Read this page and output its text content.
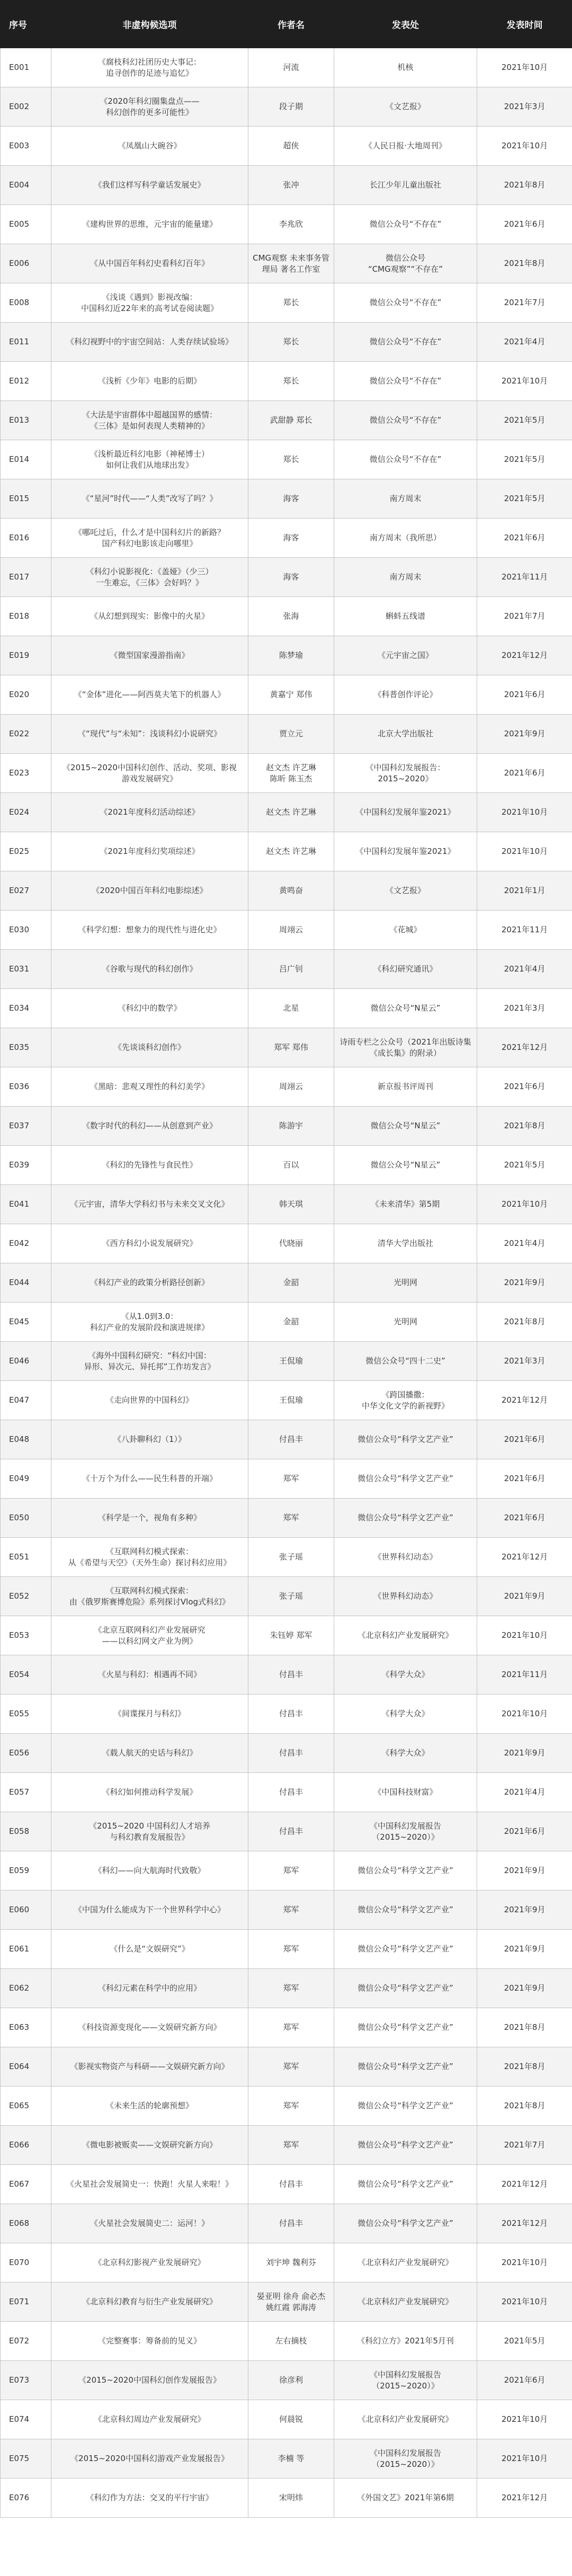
序号	非虚构候选项	作者名	发表处	发表时间
E001	《腐枝科幻社团历史大事记：
追寻创作的足迹与追忆》	河流	机核	2021年10月
E002	《2020年科幻圈集盘点——
科幻创作的更多可能性》	段子期	《文艺报》	2021年3月
E003	《凤凰山大碗谷》	超侠	《人民日报·大地周刊》	2021年10月
E004	《我们这样写科学童话发展史》	张冲	长江少年儿童出版社	2021年8月
E005	《建构世界的思维，元宇宙的能量建》	李兆欣	微信公众号“不存在”	2021年6月
E006	《从中国百年科幻史看科幻百年》	CMG观察 未来事务管理局 著名工作室	微信公众号
“CMG观察”“不存在”	2021年8月
E008	《浅谈《遇到》影视改编：
中国科幻近22年来的高考试卷阅读题》	郑长	微信公众号“不存在”	2021年7月
E011	《科幻视野中的宇宙空间站：人类存续试验场》	郑长	微信公众号“不存在”	2021年4月
E012	《浅析《少年》电影的后期》	郑长	微信公众号“不存在”	2021年10月
E013	《大法是宇宙群体中超越国界的感情：
《三体》是如何表现人类精神的》	武甜静 郑长	微信公众号“不存在”	2021年5月
E014	《浅析最近科幻电影（神秘博士）
如何让我们从地球出发》	郑长	微信公众号“不存在”	2021年5月
E015	《“星河”时代——“人类”改写了吗？》	海客	南方周末	2021年5月
E016	《哪吒过后，什么才是中国科幻片的新路？
国产科幻电影该走向哪里》	海客	南方周末（我所思）	2021年6月
E017	《科幻小说影视化：《盖娅》（少三）
一生难忘，《三体》会好吗？》	海客	南方周末	2021年11月
E018	《从幻想到现实：影像中的火星》	张海	蝌蚪五线谱	2021年7月
E019	《微型国家漫游指南》	陈梦瑜	《元宇宙之国》	2021年12月
E020	《“金体”进化——阿西莫夫笔下的机器人》	黄嘉宁 郑伟	《科普创作评论》	2021年6月
E022	《“现代”与“未知”：浅谈科幻小说研究》	贾立元	北京大学出版社	2021年9月
E023	《2015~2020中国科幻创作、活动、奖项、影视
游戏发展研究》	赵文杰 许艺琳
陈昕 陈玉杰	《中国科幻发展报告：
2015~2020》	2021年6月
E024	《2021年度科幻活动综述》	赵文杰 许艺琳	《中国科幻发展年鉴2021》	2021年10月
E025	《2021年度科幻奖项综述》	赵文杰 许艺琳	《中国科幻发展年鉴2021》	2021年10月
E027	《2020中国百年科幻电影综述》	黄鸣奋	《文艺报》	2021年1月
E030	《科学幻想：想象力的现代性与进化史》	周翊云	《花城》	2021年11月
E031	《谷歌与现代的科幻创作》	吕广钊	《科幻研究通讯》	2021年4月
E034	《科幻中的数学》	北星	微信公众号“N星云”	2021年3月
E035	《先谈谈科幻创作》	郑军 郑伟	诗雨专栏之公众号（2021年出版诗集《成长集》的附录）	2021年12月
E036	《黑暗：悲观又理性的科幻美学》	周翊云	新京报书评周刊	2021年6月
E037	《数字时代的科幻——从创意到产业》	陈游宇	微信公众号“N星云”	2021年8月
E039	《科幻的先锋性与食民性》	百以	微信公众号“N星云”	2021年5月
E041	《元宇宙，清华大学科幻书与未来交叉文化》	韩天琪	《未来清华》第5期	2021年10月
E042	《西方科幻小说发展研究》	代晓丽	清华大学出版社	2021年4月
E044	《科幻产业的政策分析路径创新》	金韶	光明网	2021年9月
E045	《从1.0到3.0：
科幻产业的发展阶段和演进规律》	金韶	光明网	2021年8月
E046	《海外中国科幻研究：“科幻中国：
异形、异次元、异托邦”工作坊发言》	王侃瑜	微信公众号“四十二史”	2021年3月
E047	《走向世界的中国科幻》	王侃瑜	《跨国播撒：
中华文化文学的新视野》	2021年12月
E048	《八卦聊科幻（1）》	付昌丰	微信公众号“科学文艺产业”	2021年6月
E049	《十万个为什么——民生科普的开端》	郑军	微信公众号“科学文艺产业”	2021年6月
E050	《科学是一个，视角有多种》	郑军	微信公众号“科学文艺产业”	2021年6月
E051	《互联网科幻模式探索：
从《希望与天空》（天外生命）探讨科幻应用》	张子瑶	《世界科幻动态》	2021年12月
E052	《互联网科幻模式探索：
由《俄罗斯赛博危险》系列探讨Vlog式科幻》	张子瑶	《世界科幻动态》	2021年9月
E053	《北京互联网科幻产业发展研究
——以科幻网文产业为例》	朱钰婷 郑军	《北京科幻产业发展研究》	2021年10月
E054	《火星与科幻：相遇再不同》	付昌丰	《科学大众》	2021年11月
E055	《间谍探月与科幻》	付昌丰	《科学大众》	2021年10月
E056	《载人航天的史话与科幻》	付昌丰	《科学大众》	2021年9月
E057	《科幻如何推动科学发展》	付昌丰	《中国科技财富》	2021年4月
E058	《2015~2020 中国科幻人才培养
与科幻教育发展报告》	付昌丰	《中国科幻发展报告
（2015~2020）》	2021年6月
E059	《科幻——向大航海时代致敬》	郑军	微信公众号“科学文艺产业”	2021年9月
E060	《中国为什么能成为下一个世界科学中心》	郑军	微信公众号“科学文艺产业”	2021年9月
E061	《什么是“文娱研究”》	郑军	微信公众号“科学文艺产业”	2021年9月
E062	《科幻元素在科学中的应用》	郑军	微信公众号“科学文艺产业”	2021年9月
E063	《科技资源变现化——文娱研究新方向》	郑军	微信公众号“科学文艺产业”	2021年8月
E064	《影视实物资产与科研——文娱研究新方向》	郑军	微信公众号“科学文艺产业”	2021年8月
E065	《未来生活的轮廓预想》	郑军	微信公众号“科学文艺产业”	2021年8月
E066	《微电影被贩卖——文娱研究新方向》	郑军	微信公众号“科学文艺产业”	2021年7月
E067	《火星社会发展简史一：快跑！火星人来啦！》	付昌丰	微信公众号“科学文艺产业”	2021年12月
E068	《火星社会发展简史二：运河！》	付昌丰	微信公众号“科学文艺产业”	2021年12月
E070	《北京科幻影视产业发展研究》	刘宇坤 魏利芬	《北京科幻产业发展研究》	2021年10月
E071	《北京科幻教育与衍生产业发展研究》	晏亚明 徐舟 俞必杰
姚红霞 郭海涛	《北京科幻产业发展研究》	2021年10月
E072	《完整赛事：筹备前的见义》	左右摘枝	《科幻立方》2021年5月刊	2021年5月
E073	《2015~2020中国科幻创作发展报告》	徐彦利	《中国科幻发展报告
（2015~2020）》	2021年6月
E074	《北京科幻周边产业发展研究》	何晨锐	《北京科幻产业发展研究》	2021年10月
E075	《2015~2020中国科幻游戏产业发展报告》	李楠 等	《中国科幻发展报告
（2015~2020）》	2021年10月
E076	《科幻作为方法：交叉的平行宇宙》	宋明炜	《外国文艺》2021年第6期	2021年12月
